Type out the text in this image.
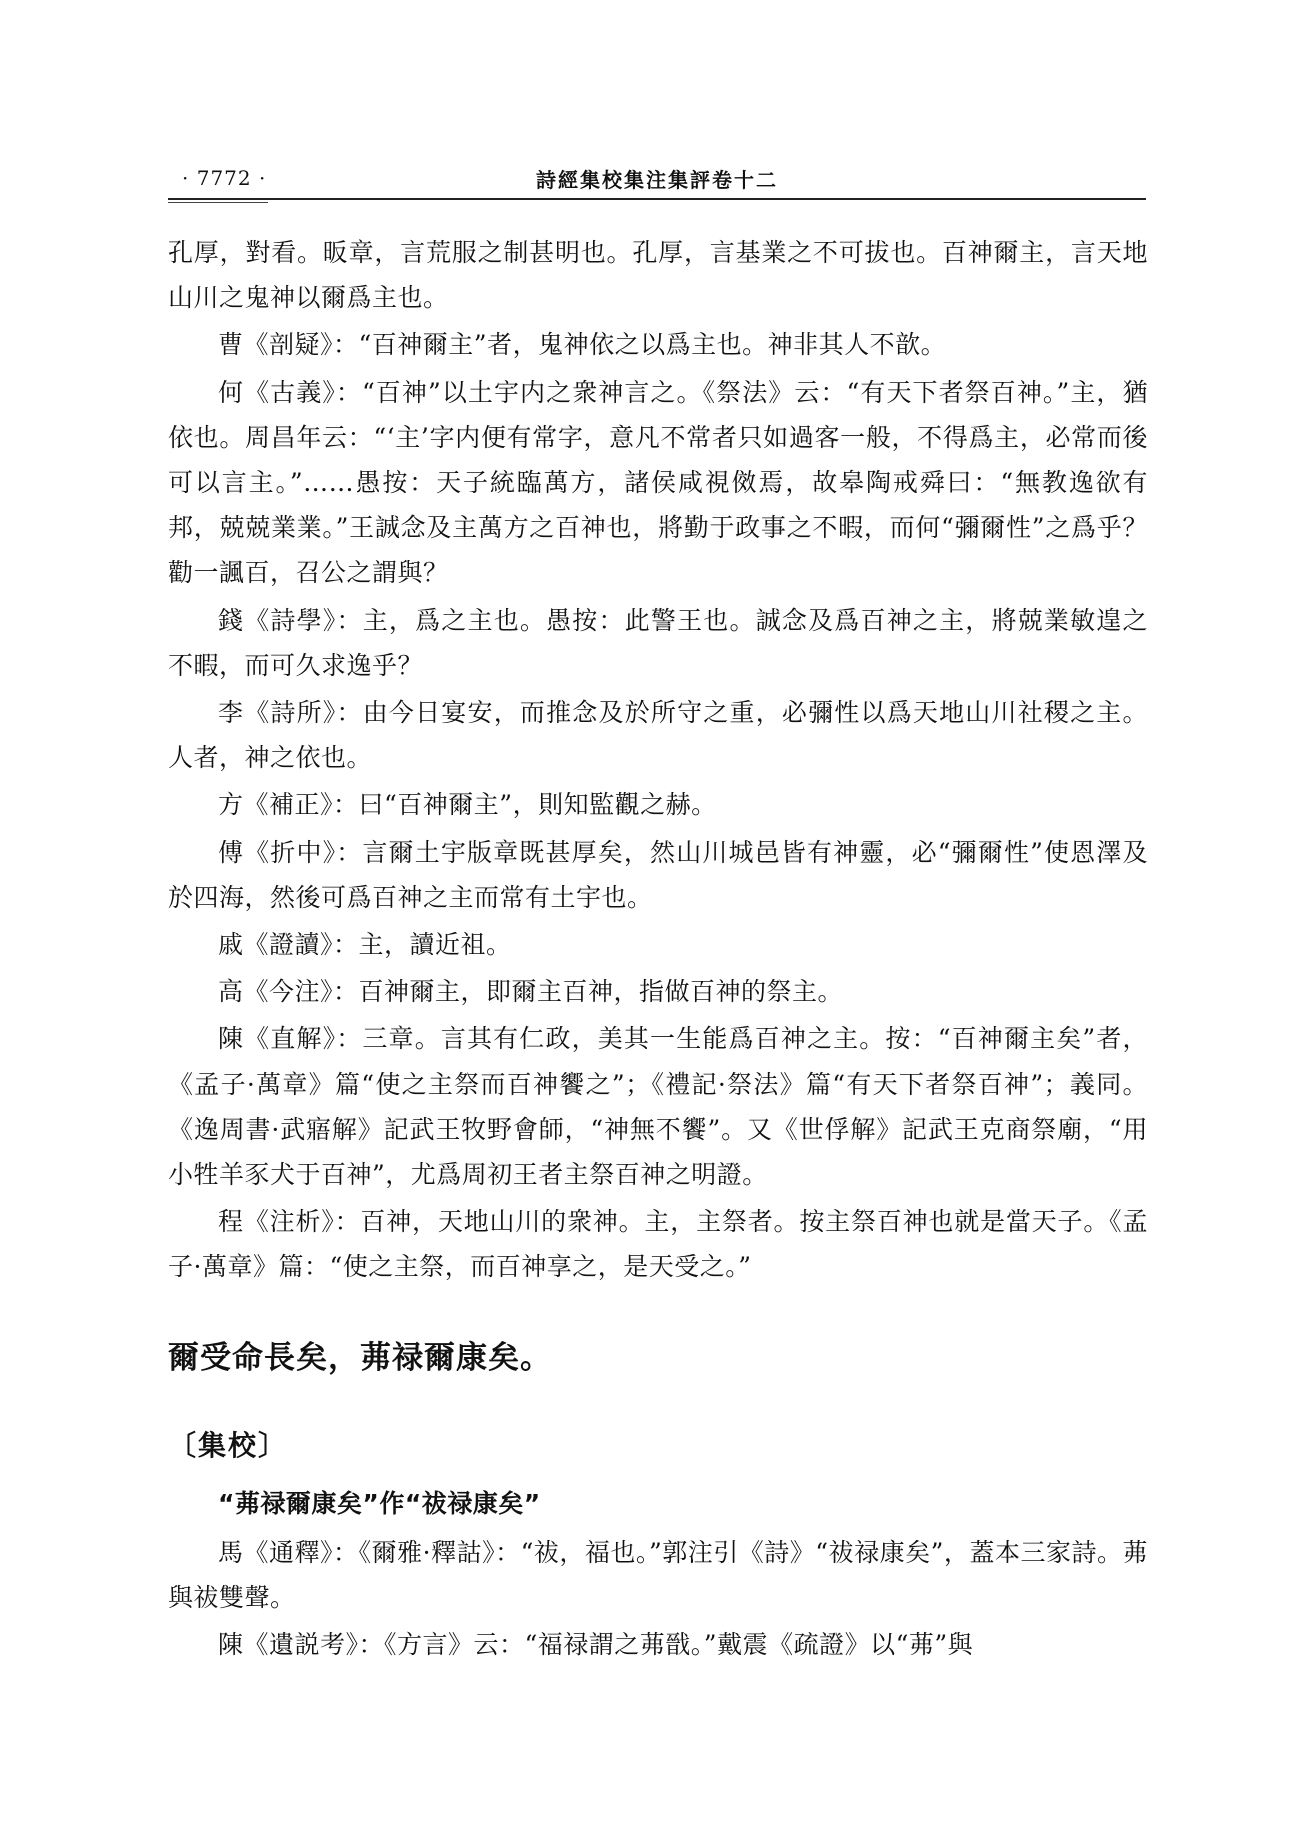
· 7772 ·	詩經集校集注集評卷十二

孔厚，對看。昄章，言荒服之制甚明也。孔厚，言基業之不可拔也。百神爾主，言天地山川之鬼神以爾爲主也。

曹《剖疑》：“百神爾主”者，鬼神依之以爲主也。神非其人不歆。

何《古義》：“百神”以土宇内之衆神言之。《祭法》云：“有天下者祭百神。”主，猶依也。周昌年云：“‘主’字内便有常字，意凡不常者只如過客一般，不得爲主，必常而後可以言主。”……愚按：天子統臨萬方，諸侯咸視傚焉，故皋陶戒舜曰：“無教逸欲有邦，兢兢業業。”王誠念及主萬方之百神也，將勤于政事之不暇，而何“彌爾性”之爲乎？勸一諷百，召公之謂與？

錢《詩學》：主，爲之主也。愚按：此警王也。誠念及爲百神之主，將兢業敏遑之不暇，而可久求逸乎？

李《詩所》：由今日宴安，而推念及於所守之重，必彌性以爲天地山川社稷之主。人者，神之依也。

方《補正》：曰“百神爾主”，則知監觀之赫。

傅《折中》：言爾土宇版章既甚厚矣，然山川城邑皆有神靈，必“彌爾性”使恩澤及於四海，然後可爲百神之主而常有土宇也。

戚《證讀》：主，讀近祖。

高《今注》：百神爾主，即爾主百神，指做百神的祭主。

陳《直解》：三章。言其有仁政，美其一生能爲百神之主。按：“百神爾主矣”者，《孟子·萬章》篇“使之主祭而百神饗之”；《禮記·祭法》篇“有天下者祭百神”；義同。《逸周書·武寤解》記武王牧野會師，“神無不饗”。又《世俘解》記武王克商祭廟，“用小牲羊豕犬于百神”，尤爲周初王者主祭百神之明證。

程《注析》：百神，天地山川的衆神。主，主祭者。按主祭百神也就是當天子。《孟子·萬章》篇：“使之主祭，而百神享之，是天受之。”

爾受命長矣，茀禄爾康矣。
〔集校〕
“茀禄爾康矣”作“祓禄康矣”

馬《通釋》：《爾雅·釋詁》：“祓，福也。”郭注引《詩》“祓禄康矣”，蓋本三家詩。茀與祓雙聲。

陳《遺説考》：《方言》云：“福禄謂之茀戩。”戴震《疏證》以“茀”與
